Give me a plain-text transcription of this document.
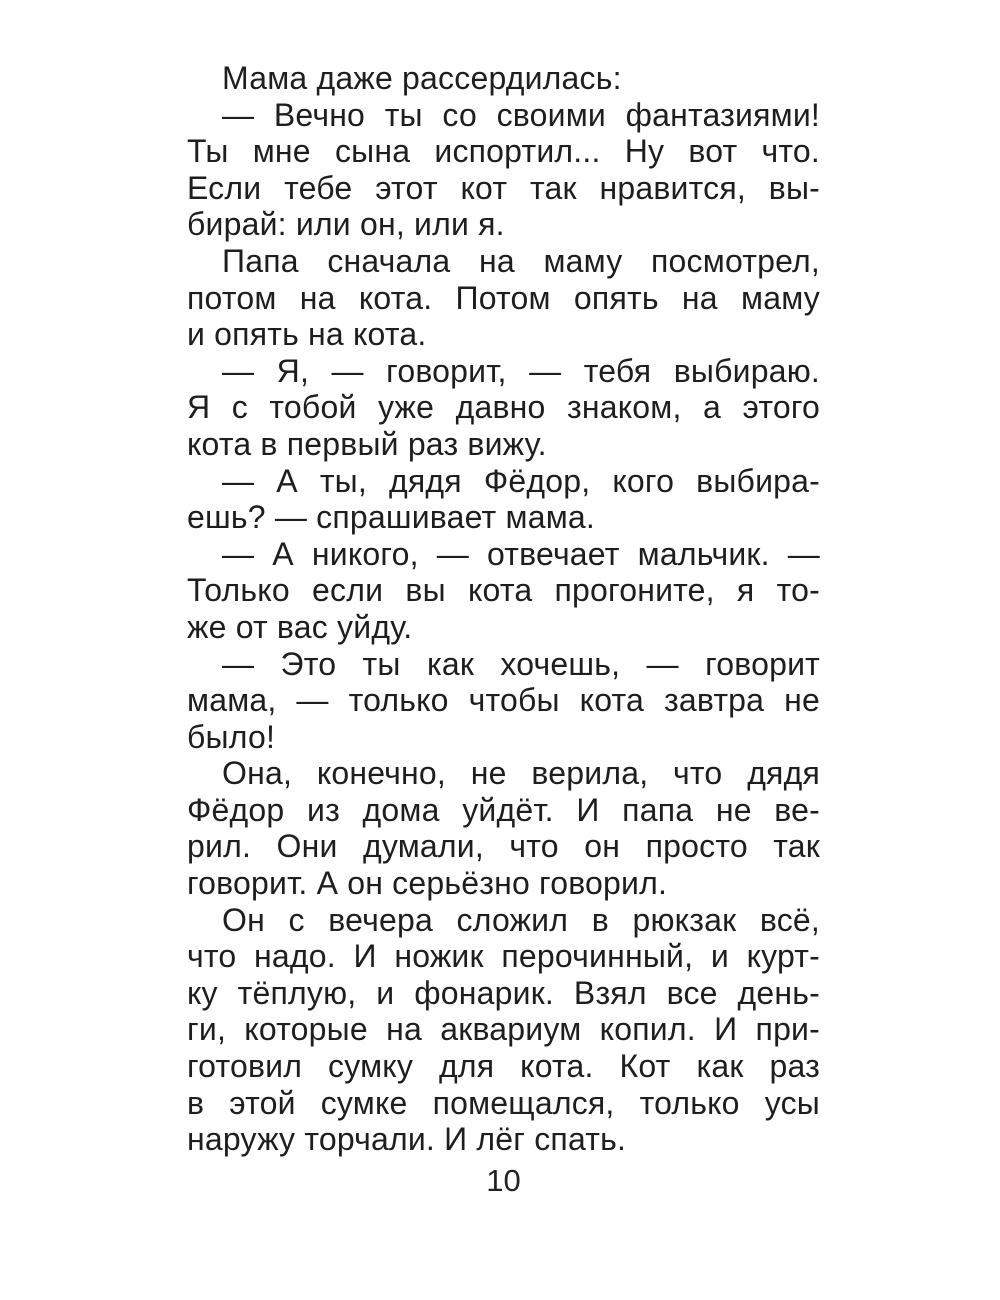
Мама даже рассердилась:
— Вечно ты со своими фантазиями!
Ты мне сына испортил... Ну вот что.
Если тебе этот кот так нравится, вы-
бирай: или он, или я.
Папа сначала на маму посмотрел,
потом на кота. Потом опять на маму
и опять на кота.
— Я, — говорит, — тебя выбираю.
Я с тобой уже давно знаком, а этого
кота в первый раз вижу.
— А ты, дядя Фёдор, кого выбира-
ешь? — спрашивает мама.
— А никого, — отвечает мальчик. —
Только если вы кота прогоните, я то-
же от вас уйду.
— Это ты как хочешь, — говорит
мама, — только чтобы кота завтра не
было!
Она, конечно, не верила, что дядя
Фёдор из дома уйдёт. И папа не ве-
рил. Они думали, что он просто так
говорит. А он серьёзно говорил.
Он с вечера сложил в рюкзак всё,
что надо. И ножик перочинный, и курт-
ку тёплую, и фонарик. Взял все день-
ги, которые на аквариум копил. И при-
готовил сумку для кота. Кот как раз
в этой сумке помещался, только усы
наружу торчали. И лёг спать.
10
